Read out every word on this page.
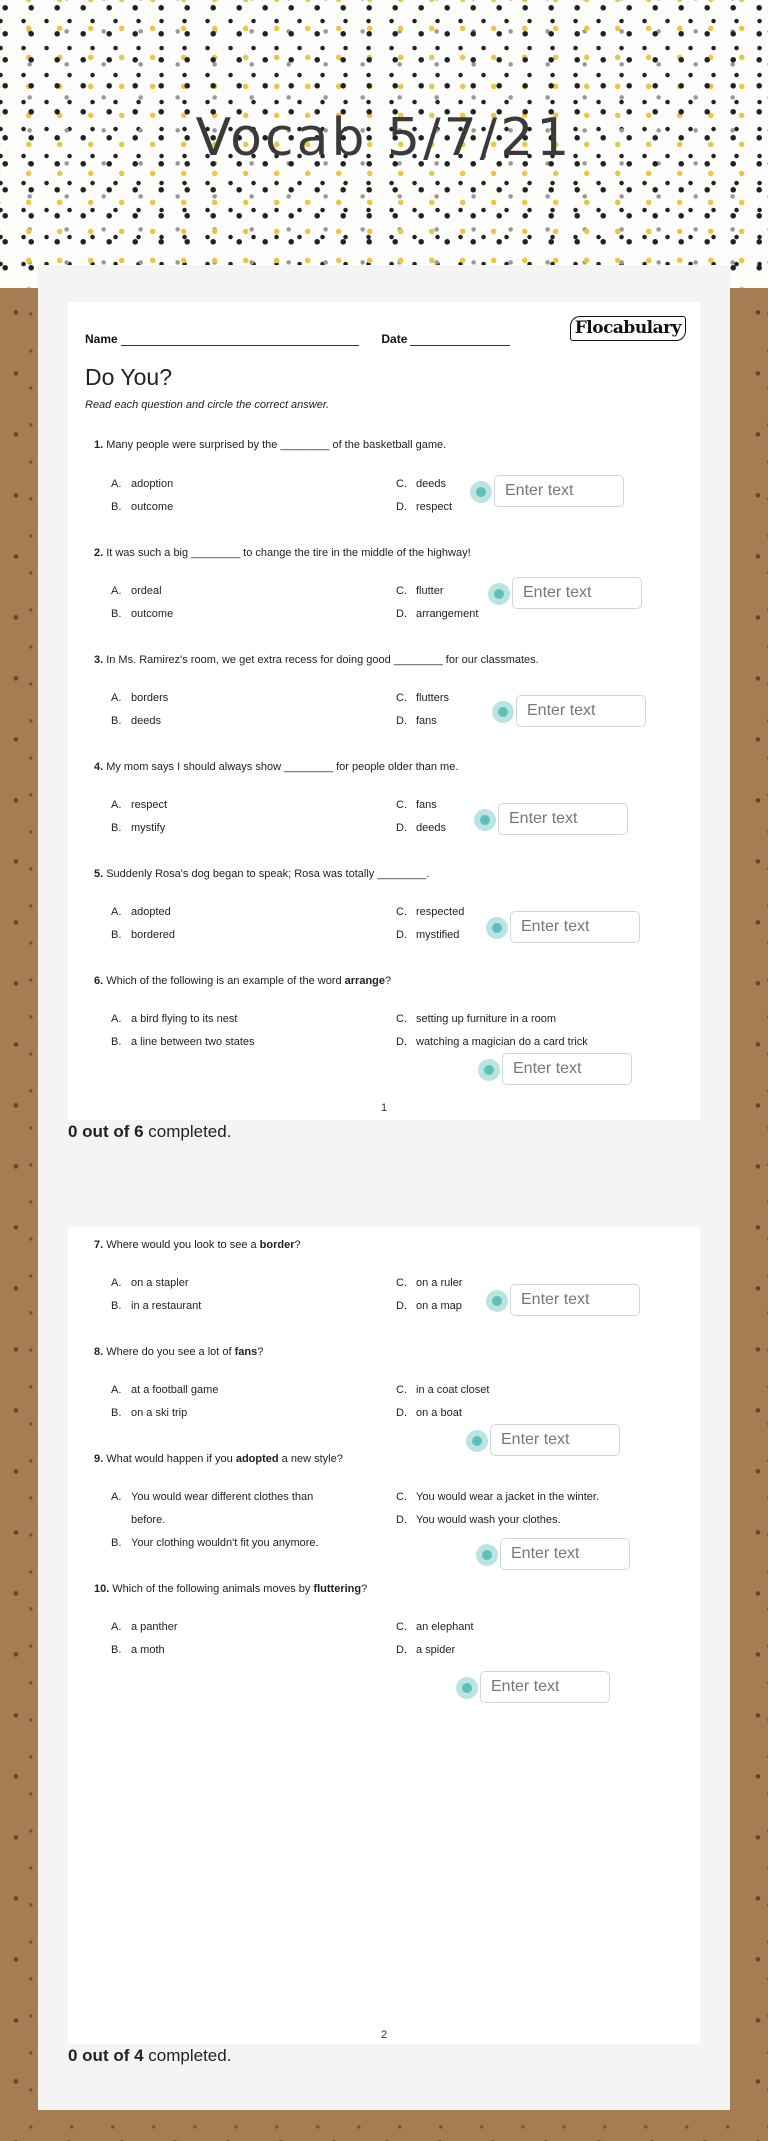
Vocab 5/7/21
Name	Date
Flocabulary
Do You?
Read each question and circle the correct answer.
1. Many people were surprised by the ________ of the basketball game.
A. adoption
B. outcome
C. deeds
D. respect
Enter text
2. It was such a big ________ to change the tire in the middle of the highway!
A. ordeal
B. outcome
C. flutter
D. arrangement
Enter text
3. In Ms. Ramirez's room, we get extra recess for doing good ________ for our classmates.
A. borders
B. deeds
C. flutters
D. fans
Enter text
4. My mom says I should always show ________ for people older than me.
A. respect
B. mystify
C. fans
D. deeds
Enter text
5. Suddenly Rosa's dog began to speak; Rosa was totally ________.
A. adopted
B. bordered
C. respected
D. mystified
Enter text
6. Which of the following is an example of the word arrange?
A. a bird flying to its nest
B. a line between two states
C. setting up furniture in a room
D. watching a magician do a card trick
Enter text
1
0 out of 6 completed.
7. Where would you look to see a border?
A. on a stapler
B. in a restaurant
C. on a ruler
D. on a map
Enter text
8. Where do you see a lot of fans?
A. at a football game
B. on a ski trip
C. in a coat closet
D. on a boat
Enter text
9. What would happen if you adopted a new style?
A. You would wear different clothes than
before.
B. Your clothing wouldn't fit you anymore.
C. You would wear a jacket in the winter.
D. You would wash your clothes.
Enter text
10. Which of the following animals moves by fluttering?
A. a panther
B. a moth
C. an elephant
D. a spider
Enter text
2
0 out of 4 completed.
